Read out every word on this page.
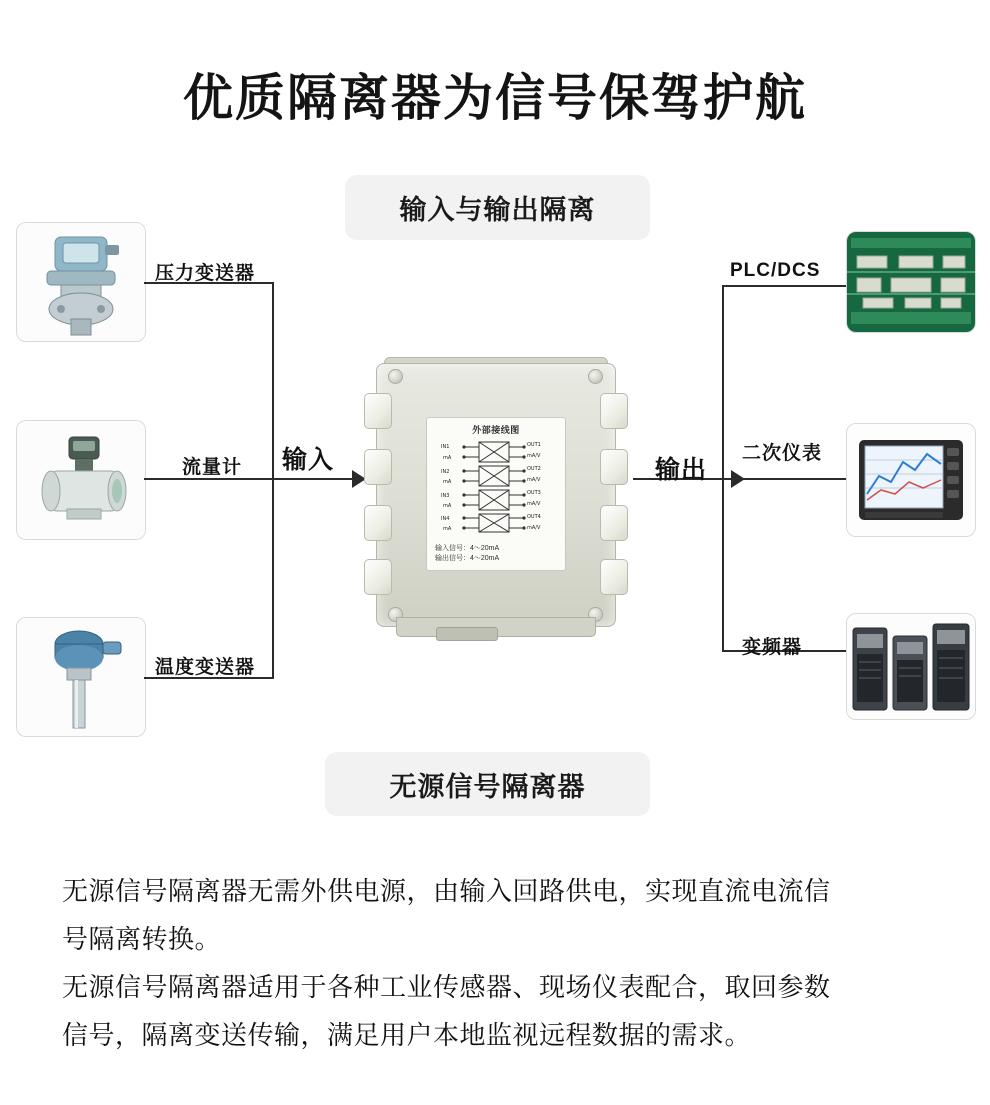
优质隔离器为信号保驾护航
输入与输出隔离
无源信号隔离器
压力变送器
流量计
温度变送器
PLC/DCS
二次仪表
变频器
输入	输出
外部接线图
IN1
mA
IN2
mA
IN3
mA
IN4
mA
OUT1
mA/V
OUT2
mA/V
OUT3
mA/V
OUT4
mA/V
输入信号：4～20mA
输出信号：4～20mA

无源信号隔离器无需外供电源，由输入回路供电，实现直流电流信

号隔离转换。

无源信号隔离器适用于各种工业传感器、现场仪表配合，取回参数

信号，隔离变送传输，满足用户本地监视远程数据的需求。
